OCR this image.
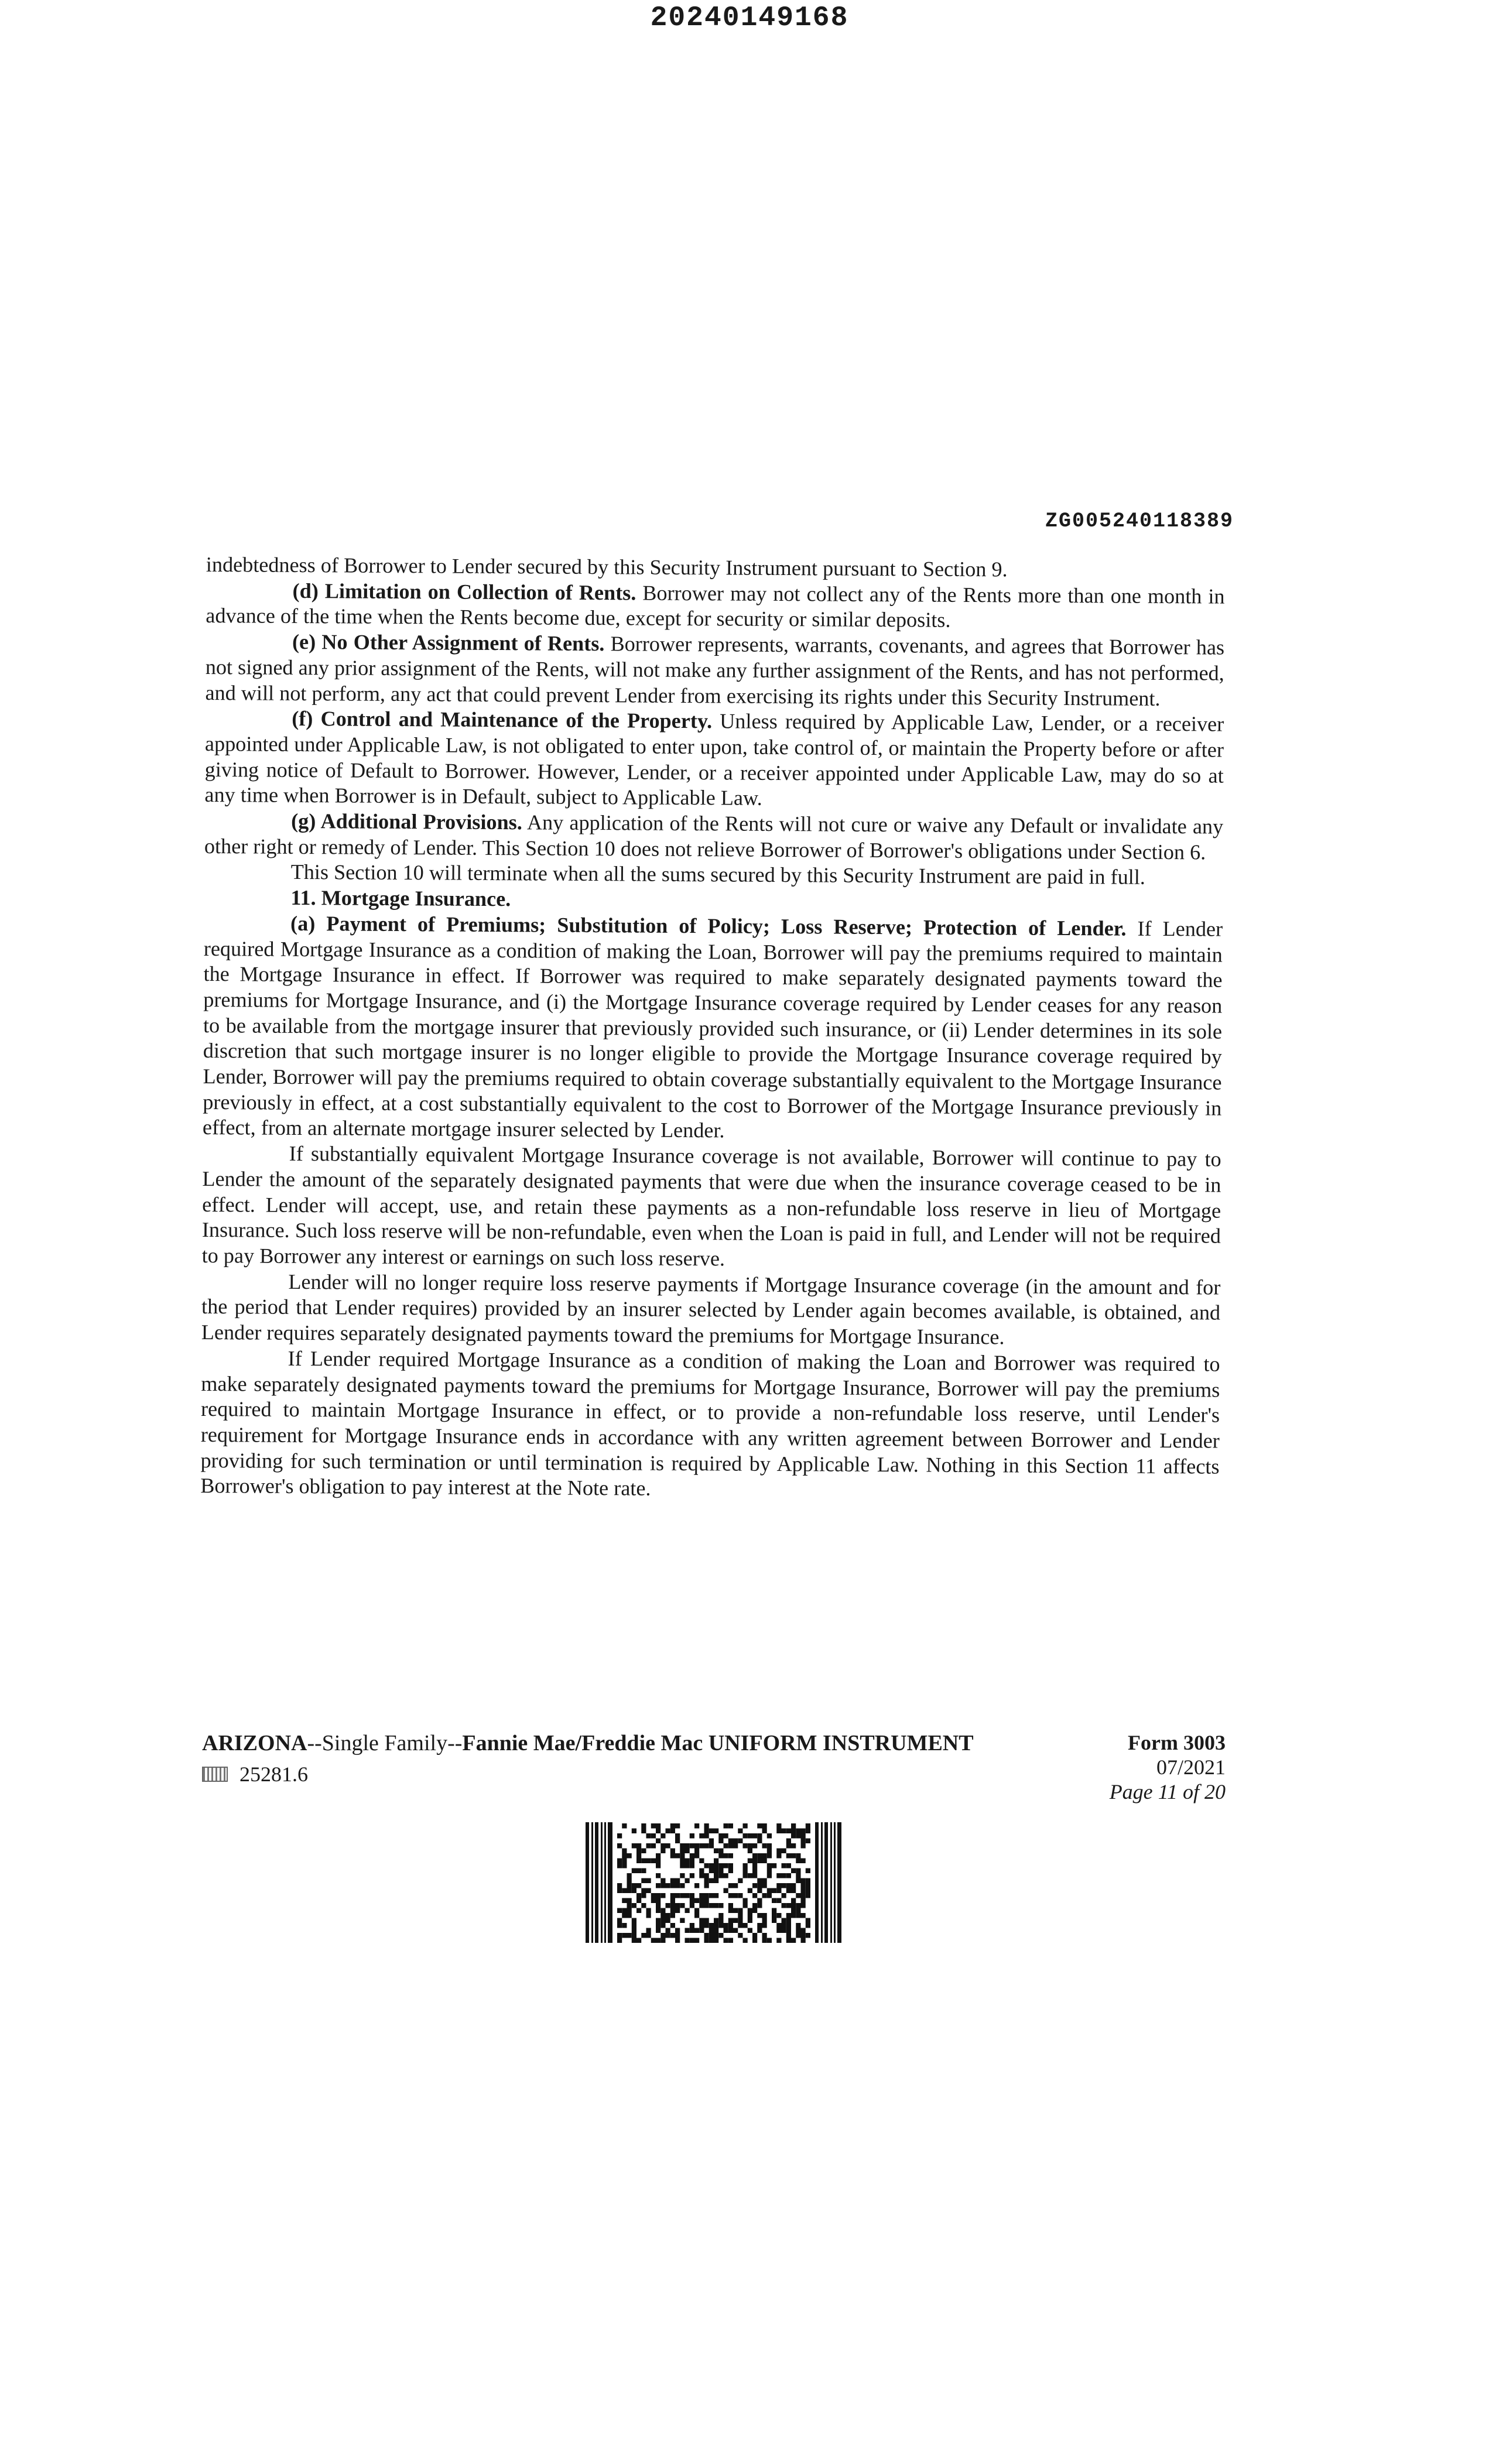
20240149168
ZG005240118389

indebtedness of Borrower to Lender secured by this Security Instrument pursuant to Section 9.

(d) Limitation on Collection of Rents. Borrower may not collect any of the Rents more than one month in advance of the time when the Rents become due, except for security or similar deposits.

(e) No Other Assignment of Rents. Borrower represents, warrants, covenants, and agrees that Borrower has not signed any prior assignment of the Rents, will not make any further assignment of the Rents, and has not performed, and will not perform, any act that could prevent Lender from exercising its rights under this Security Instrument.

(f) Control and Maintenance of the Property. Unless required by Applicable Law, Lender, or a receiver appointed under Applicable Law, is not obligated to enter upon, take control of, or maintain the Property before or after giving notice of Default to Borrower. However, Lender, or a receiver appointed under Applicable Law, may do so at any time when Borrower is in Default, subject to Applicable Law.

(g) Additional Provisions. Any application of the Rents will not cure or waive any Default or invalidate any other right or remedy of Lender. This Section 10 does not relieve Borrower of Borrower's obligations under Section 6.

This Section 10 will terminate when all the sums secured by this Security Instrument are paid in full.

11. Mortgage Insurance.

(a) Payment of Premiums; Substitution of Policy; Loss Reserve; Protection of Lender. If Lender required Mortgage Insurance as a condition of making the Loan, Borrower will pay the premiums required to maintain the Mortgage Insurance in effect. If Borrower was required to make separately designated payments toward the premiums for Mortgage Insurance, and (i) the Mortgage Insurance coverage required by Lender ceases for any reason to be available from the mortgage insurer that previously provided such insurance, or (ii) Lender determines in its sole discretion that such mortgage insurer is no longer eligible to provide the Mortgage Insurance coverage required by Lender, Borrower will pay the premiums required to obtain coverage substantially equivalent to the Mortgage Insurance previously in effect, at a cost substantially equivalent to the cost to Borrower of the Mortgage Insurance previously in effect, from an alternate mortgage insurer selected by Lender.

If substantially equivalent Mortgage Insurance coverage is not available, Borrower will continue to pay to Lender the amount of the separately designated payments that were due when the insurance coverage ceased to be in effect. Lender will accept, use, and retain these payments as a non-refundable loss reserve in lieu of Mortgage Insurance. Such loss reserve will be non-refundable, even when the Loan is paid in full, and Lender will not be required to pay Borrower any interest or earnings on such loss reserve.

Lender will no longer require loss reserve payments if Mortgage Insurance coverage (in the amount and for the period that Lender requires) provided by an insurer selected by Lender again becomes available, is obtained, and Lender requires separately designated payments toward the premiums for Mortgage Insurance.

If Lender required Mortgage Insurance as a condition of making the Loan and Borrower was required to make separately designated payments toward the premiums for Mortgage Insurance, Borrower will pay the premiums required to maintain Mortgage Insurance in effect, or to provide a non-refundable loss reserve, until Lender's requirement for Mortgage Insurance ends in accordance with any written agreement between Borrower and Lender providing for such termination or until termination is required by Applicable Law. Nothing in this Section 11 affects Borrower's obligation to pay interest at the Note rate.

ARIZONA--Single Family--Fannie Mae/Freddie Mac UNIFORM INSTRUMENT	Form 3003
07/2021
Page 11 of 20
25281.6
